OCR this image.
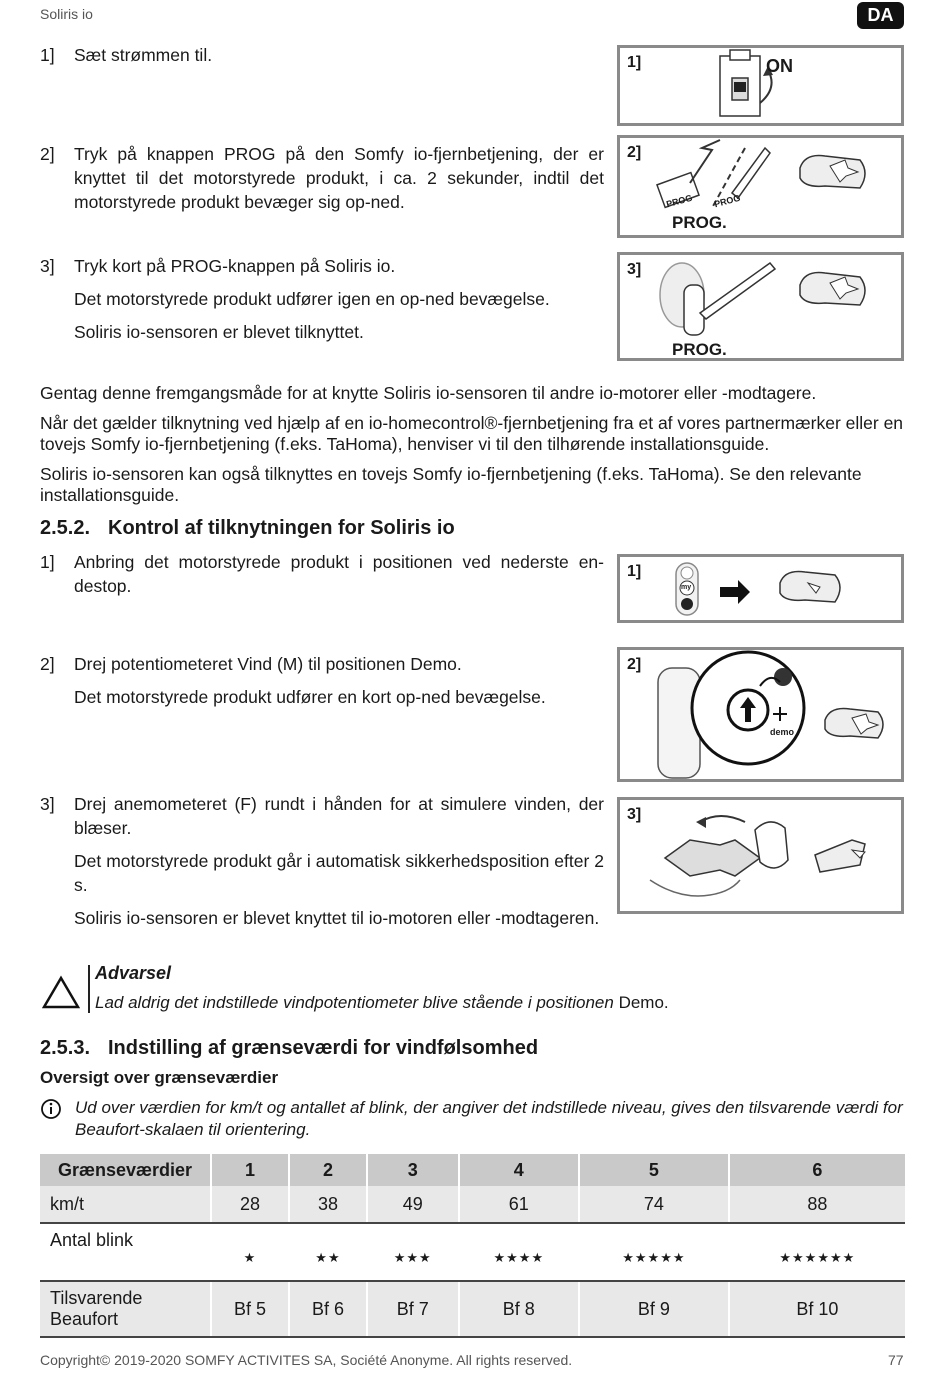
Soliris io	DA
1] Sæt strømmen til.

2] Tryk på knappen PROG på den Somfy io-fjernbetjening, der er knyttet til det motorstyrede produkt, i ca. 2 sekunder, indtil det motorstyrede produkt bevæger sig op-ned.

3] Tryk kort på PROG-knappen på Soliris io.

Det motorstyrede produkt udfører igen en op-ned bevægelse.

Soliris io-sensoren er blevet tilknyttet.

1]	ON
2]
PROG PROG
PROG.
3]
PROG.
Gentag denne fremgangsmåde for at knytte Soliris io-sensoren til andre io-motorer eller -modtagere.
Når det gælder tilknytning ved hjælp af en io-homecontrol®-fjernbetjening fra et af vores partnermærker eller en tovejs Somfy io-fjernbetjening (f.eks. TaHoma), henviser vi til den tilhørende installationsguide.
Soliris io-sensoren kan også tilknyttes en tovejs Somfy io-fjernbetjening (f.eks. TaHoma). Se den relevante installationsguide.
2.5.2. Kontrol af tilknytningen for Soliris io
1] Anbring det motorstyrede produkt i positionen ved nederste endestop.

2] Drej potentiometeret Vind (M) til positionen Demo.

Det motorstyrede produkt udfører en kort op-ned bevægelse.

3] Drej anemometeret (F) rundt i hånden for at simulere vinden, der blæser.

Det motorstyrede produkt går i automatisk sikkerhedsposition efter 2 s.

Soliris io-sensoren er blevet knyttet til io-motoren eller -modtageren.

1]
my
2]
demo
3]
Advarsel
Lad aldrig det indstillede vindpotentiometer blive stående i positionen Demo.
2.5.3. Indstilling af grænseværdi for vindfølsomhed
Oversigt over grænseværdier
Ud over værdien for km/t og antallet af blink, der angiver det indstillede niveau, gives den tilsvarende værdi for Beaufort-skalaen til orientering.
Grænseværdier	1	2	3	4	5	6
km/t	28	38	49	61	74	88
Antal blink	★	★★	★★★	★★★★	★★★★★	★★★★★★
Tilsvarende Beaufort	Bf 5	Bf 6	Bf 7	Bf 8	Bf 9	Bf 10
Copyright© 2019-2020 SOMFY ACTIVITES SA, Société Anonyme. All rights reserved.	77
